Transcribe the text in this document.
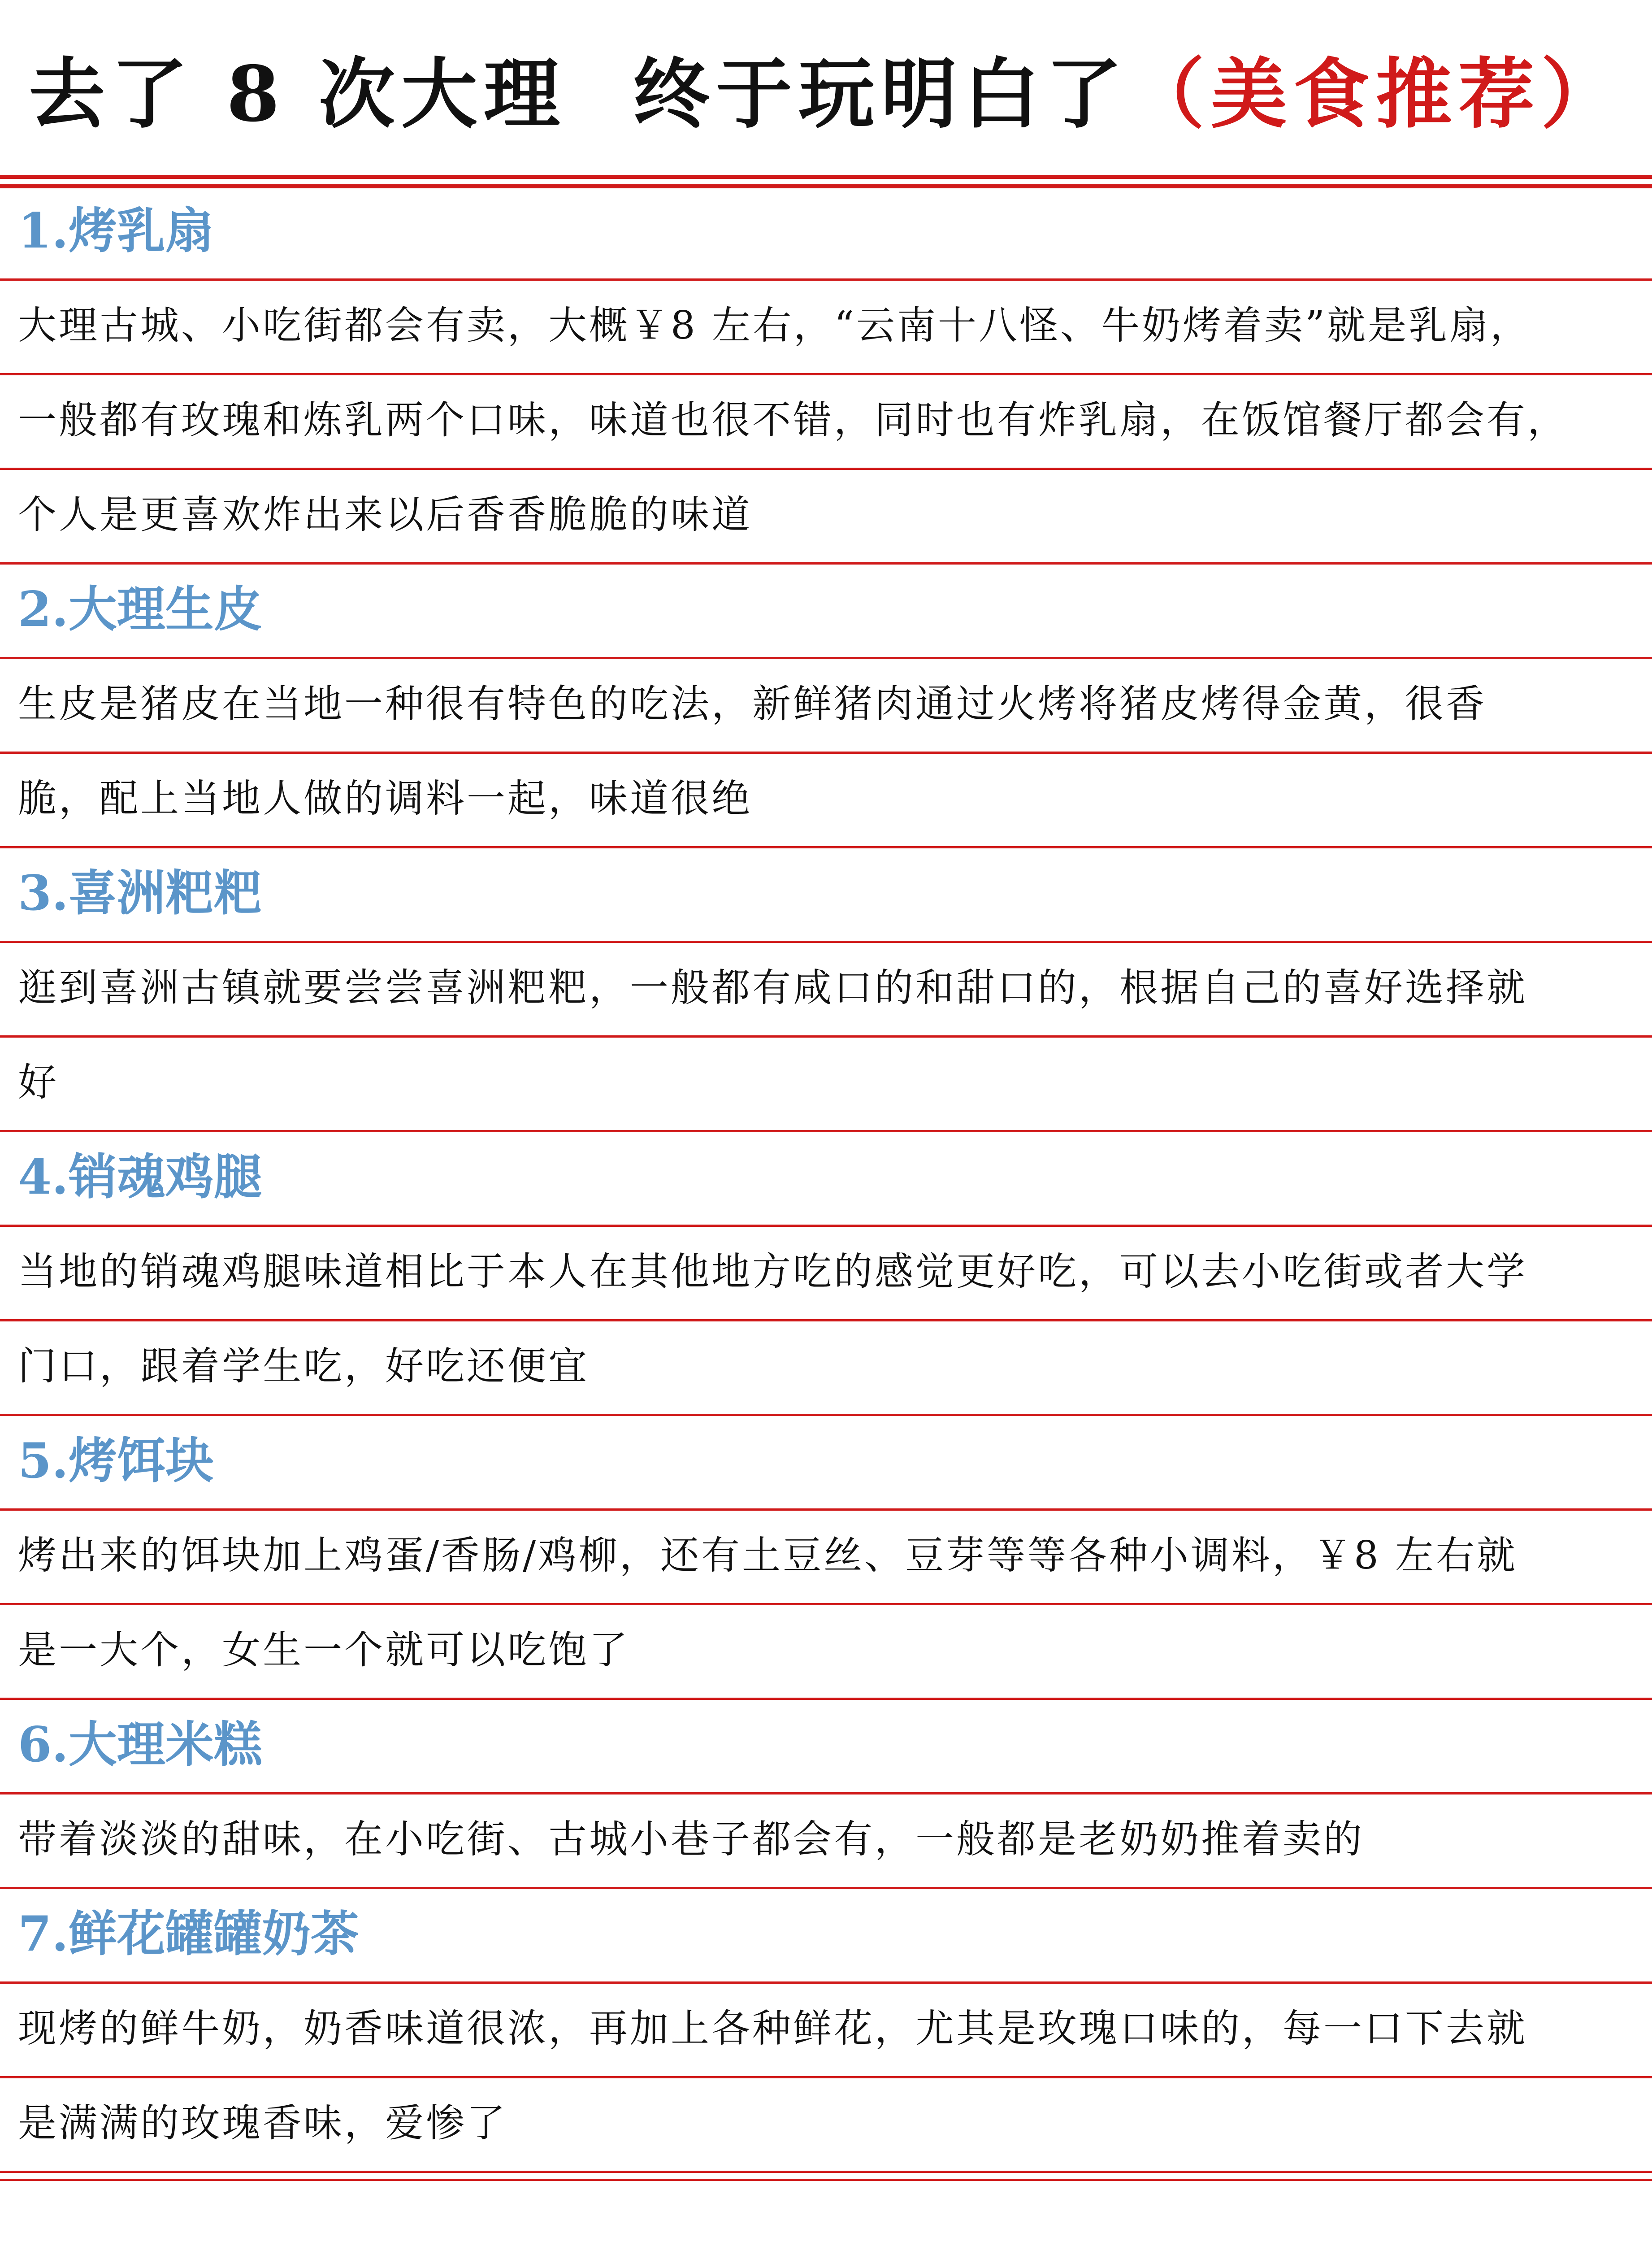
去了 8 次大理 终于玩明白了（美食推荐）
1.烤乳扇
大理古城、小吃街都会有卖，大概￥8 左右，“云南十八怪、牛奶烤着卖”就是乳扇，
一般都有玫瑰和炼乳两个口味，味道也很不错，同时也有炸乳扇，在饭馆餐厅都会有，
个人是更喜欢炸出来以后香香脆脆的味道
2.大理生皮
生皮是猪皮在当地一种很有特色的吃法，新鲜猪肉通过火烤将猪皮烤得金黄，很香
脆，配上当地人做的调料一起，味道很绝
3.喜洲粑粑
逛到喜洲古镇就要尝尝喜洲粑粑，一般都有咸口的和甜口的，根据自己的喜好选择就
好
4.销魂鸡腿
当地的销魂鸡腿味道相比于本人在其他地方吃的感觉更好吃，可以去小吃街或者大学
门口，跟着学生吃，好吃还便宜
5.烤饵块
烤出来的饵块加上鸡蛋/香肠/鸡柳，还有土豆丝、豆芽等等各种小调料，￥8 左右就
是一大个，女生一个就可以吃饱了
6.大理米糕
带着淡淡的甜味，在小吃街、古城小巷子都会有，一般都是老奶奶推着卖的
7.鲜花罐罐奶茶
现烤的鲜牛奶，奶香味道很浓，再加上各种鲜花，尤其是玫瑰口味的，每一口下去就
是满满的玫瑰香味，爱惨了
